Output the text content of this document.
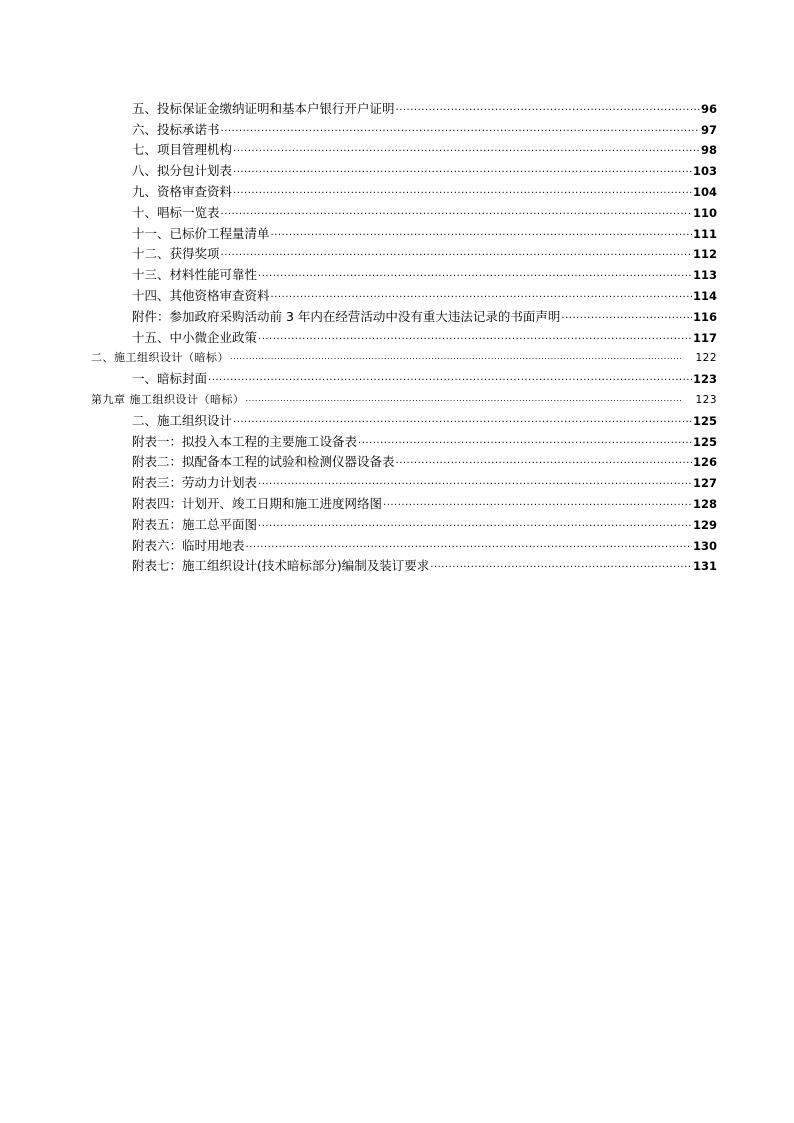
五、投标保证金缴纳证明和基本户银行开户证明 .....	96
六、投标承诺书 .....	97
七、项目管理机构 .....	98
八、拟分包计划表 .....	103
九、资格审查资料 .....	104
十、唱标一览表 .....	110
十一、已标价工程量清单 .....	111
十二、获得奖项 .....	112
十三、材料性能可靠性 .....	113
十四、其他资格审查资料 .....	114
附件：参加政府采购活动前 3 年内在经营活动中没有重大违法记录的书面声明 .....	116
十五、中小微企业政策 .....	117
二、施工组织设计（暗标） .....	122
一、暗标封面 .....	123
第九章 施工组织设计（暗标） .....	123
二、施工组织设计 .....	125
附表一：拟投入本工程的主要施工设备表 .....	125
附表二：拟配备本工程的试验和检测仪器设备表 .....	126
附表三：劳动力计划表 .....	127
附表四：计划开、竣工日期和施工进度网络图 .....	128
附表五：施工总平面图 .....	129
附表六：临时用地表 .....	130
附表七：施工组织设计(技术暗标部分)编制及装订要求 .....	131
